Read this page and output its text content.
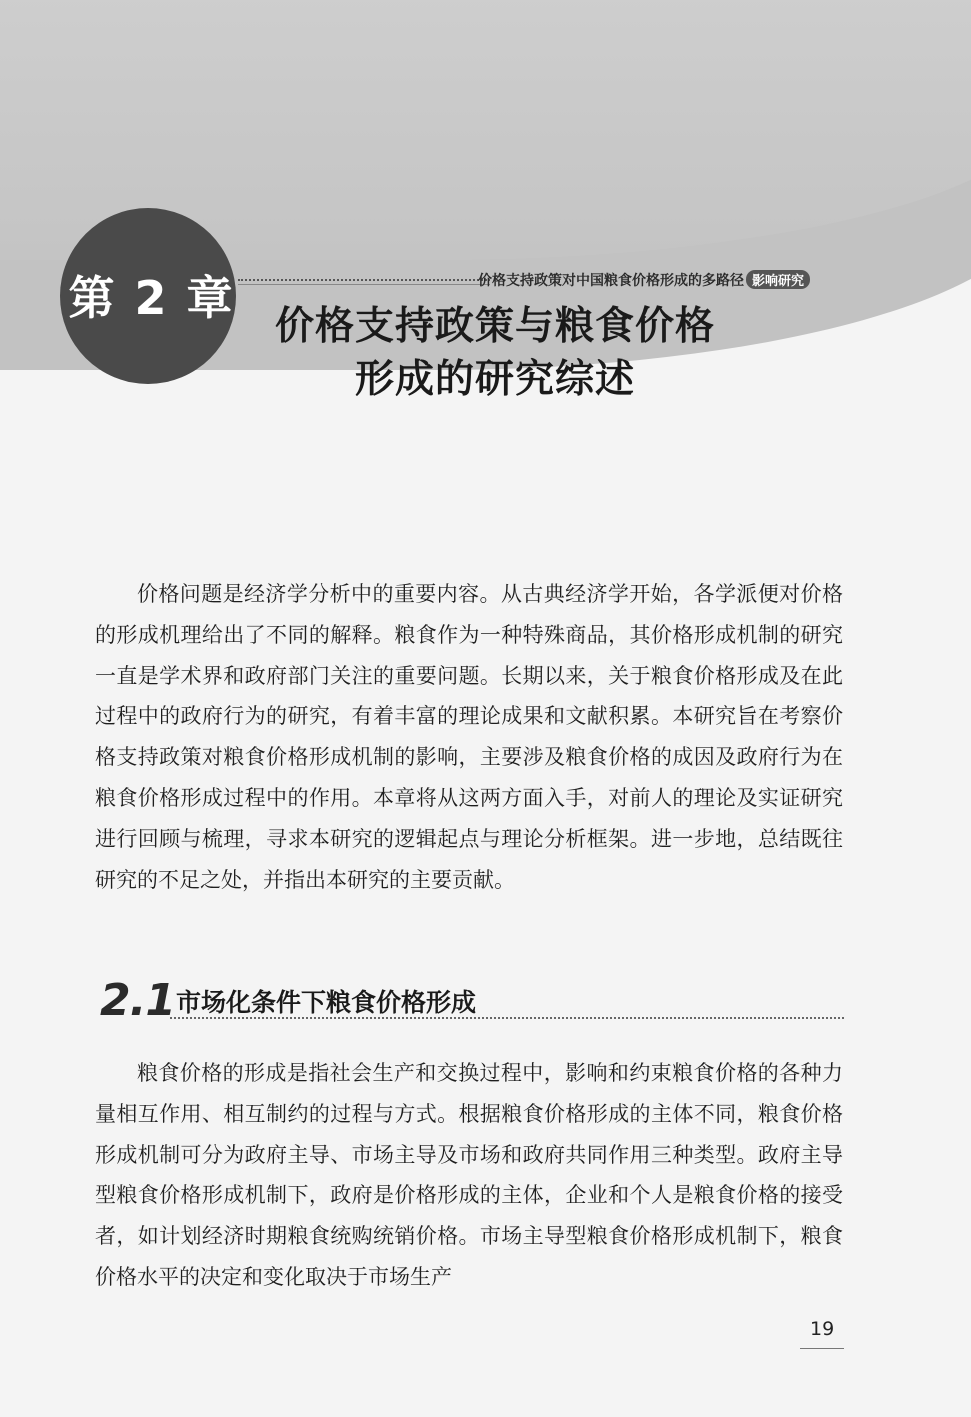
第 2 章	价格支持政策对中国粮食价格形成的多路径 影响研究
价格支持政策与粮食价格
形成的研究综述

价格问题是经济学分析中的重要内容。从古典经济学开始，各学派便对价格的形成机理给出了不同的解释。粮食作为一种特殊商品，其价格形成机制的研究一直是学术界和政府部门关注的重要问题。长期以来，关于粮食价格形成及在此过程中的政府行为的研究，有着丰富的理论成果和文献积累。本研究旨在考察价格支持政策对粮食价格形成机制的影响，主要涉及粮食价格的成因及政府行为在粮食价格形成过程中的作用。本章将从这两方面入手，对前人的理论及实证研究进行回顾与梳理，寻求本研究的逻辑起点与理论分析框架。进一步地，总结既往研究的不足之处，并指出本研究的主要贡献。

2.1 市场化条件下粮食价格形成

粮食价格的形成是指社会生产和交换过程中，影响和约束粮食价格的各种力量相互作用、相互制约的过程与方式。根据粮食价格形成的主体不同，粮食价格形成机制可分为政府主导、市场主导及市场和政府共同作用三种类型。政府主导型粮食价格形成机制下，政府是价格形成的主体，企业和个人是粮食价格的接受者，如计划经济时期粮食统购统销价格。市场主导型粮食价格形成机制下，粮食价格水平的决定和变化取决于市场生产

19
